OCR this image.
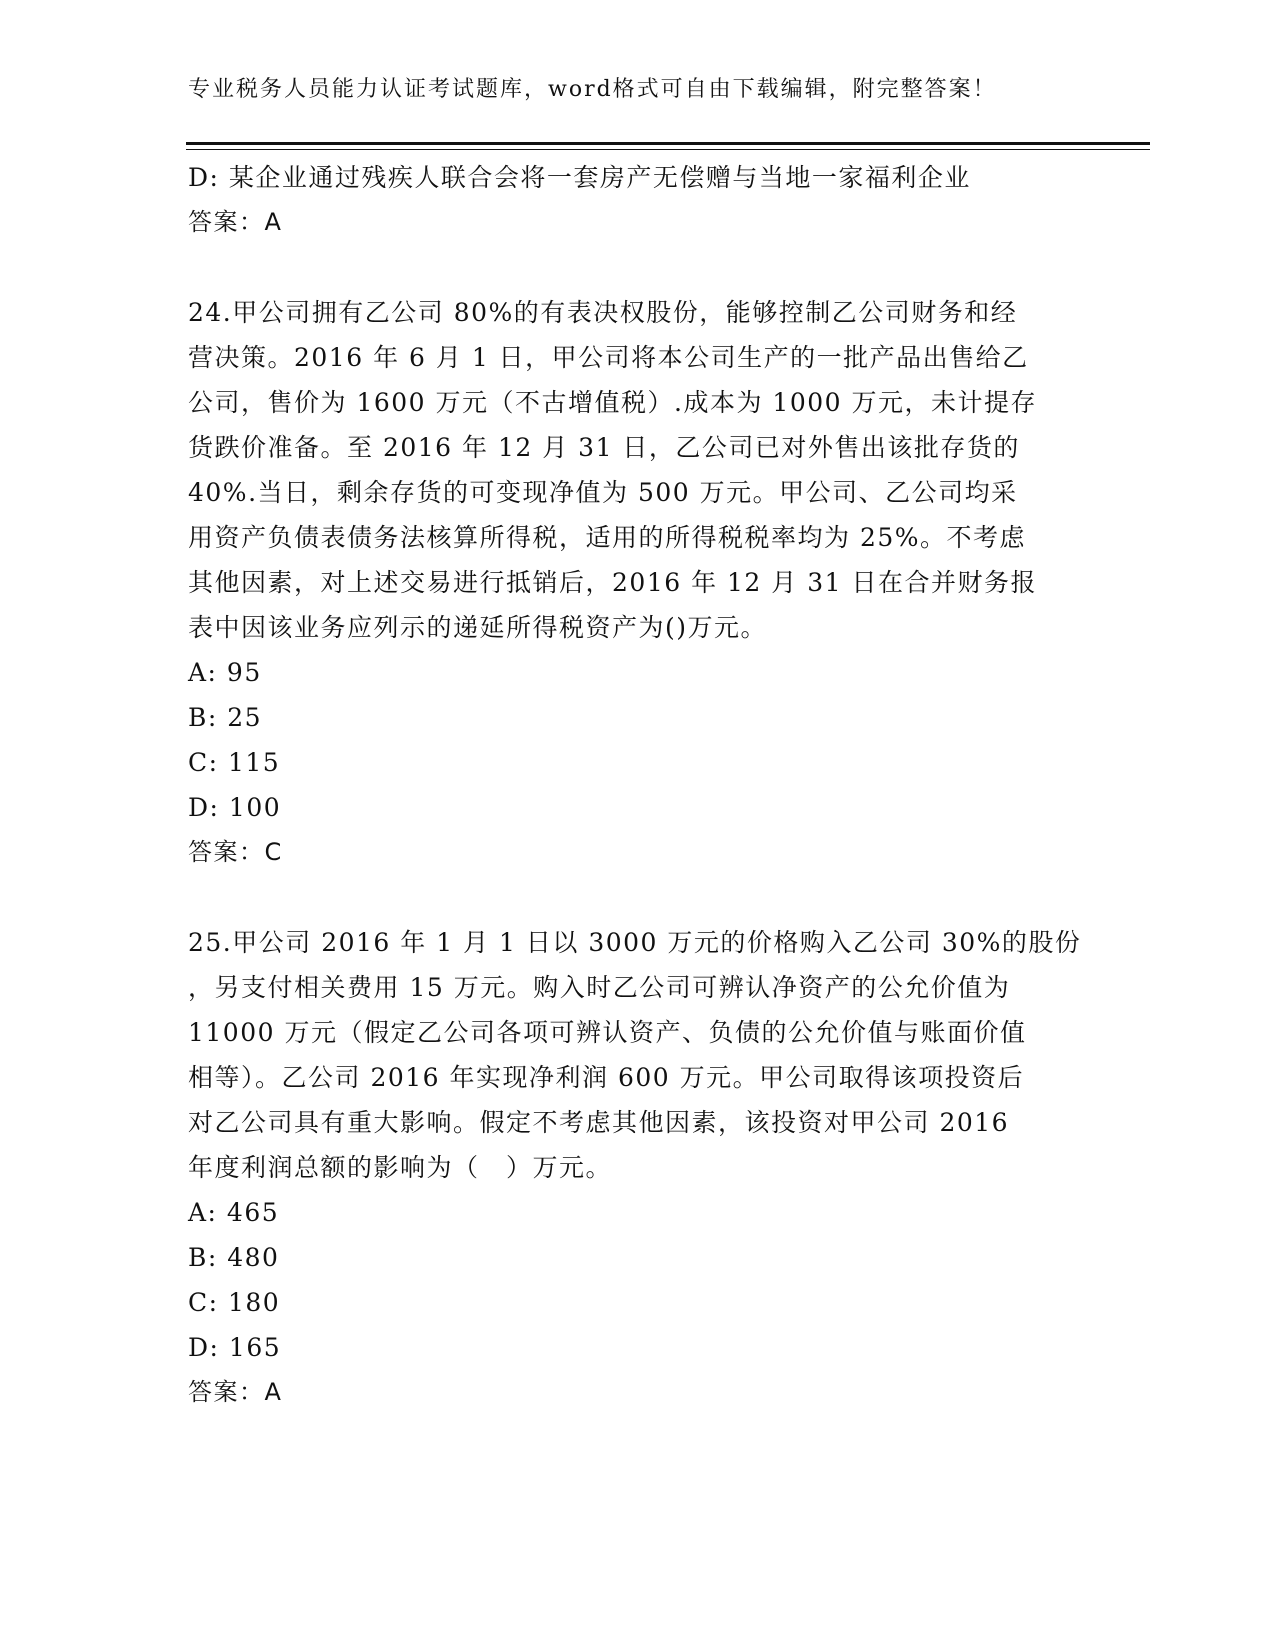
专业税务人员能力认证考试题库，word格式可自由下载编辑，附完整答案！
D: 某企业通过残疾人联合会将一套房产无偿赠与当地一家福利企业
答案：A
24.甲公司拥有乙公司 80%的有表决权股份，能够控制乙公司财务和经
营决策。2016 年 6 月 1 日，甲公司将本公司生产的一批产品出售给乙
公司，售价为 1600 万元（不古增值税）.成本为 1000 万元，未计提存
货跌价准备。至 2016 年 12 月 31 日，乙公司已对外售出该批存货的
40%.当日，剩余存货的可变现净值为 500 万元。甲公司、乙公司均采
用资产负债表债务法核算所得税，适用的所得税税率均为 25%。不考虑
其他因素，对上述交易进行抵销后，2016 年 12 月 31 日在合并财务报
表中因该业务应列示的递延所得税资产为()万元。
A: 95
B: 25
C: 115
D: 100
答案：C
25.甲公司 2016 年 1 月 1 日以 3000 万元的价格购入乙公司 30%的股份
，另支付相关费用 15 万元。购入时乙公司可辨认净资产的公允价值为
11000 万元（假定乙公司各项可辨认资产、负债的公允价值与账面价值
相等）。乙公司 2016 年实现净利润 600 万元。甲公司取得该项投资后
对乙公司具有重大影响。假定不考虑其他因素，该投资对甲公司 2016
年度利润总额的影响为（　）万元。
A: 465
B: 480
C: 180
D: 165
答案：A
